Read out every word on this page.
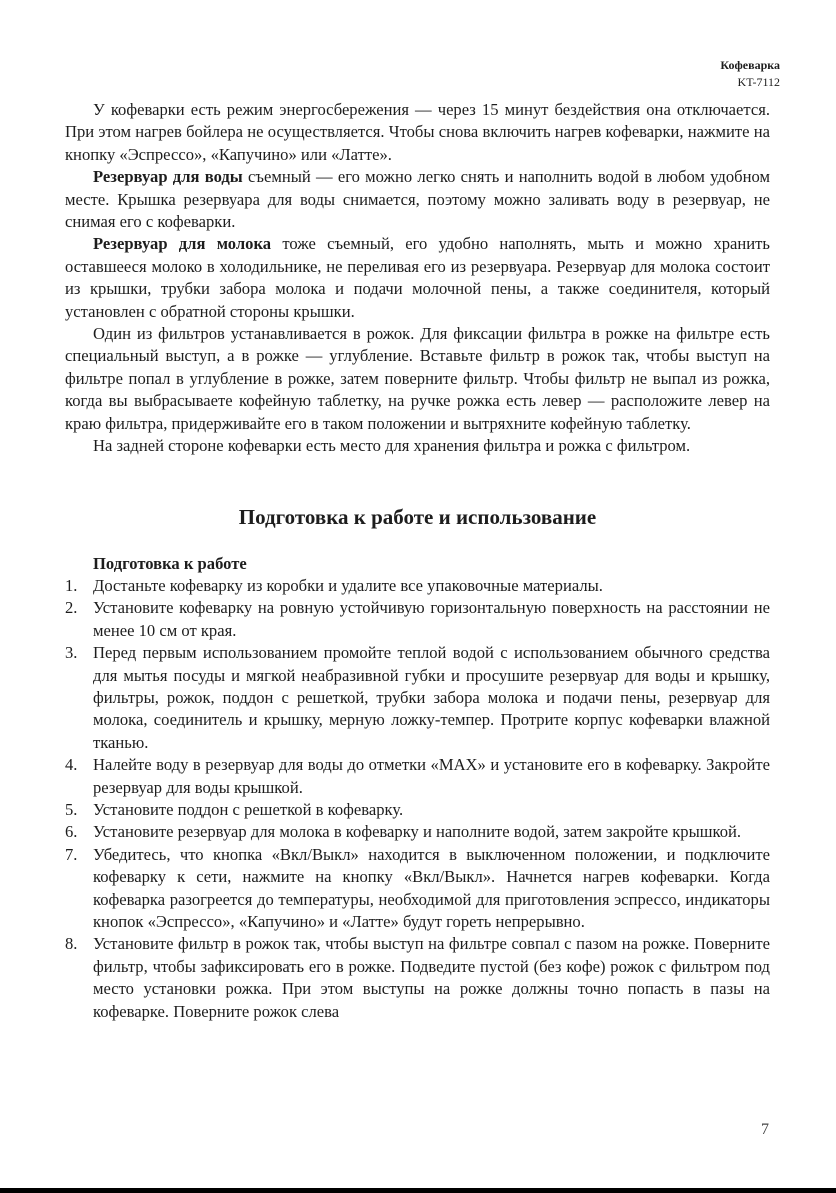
Кофеварка
KT-7112

У кофеварки есть режим энергосбережения — через 15 минут бездействия она отключается. При этом нагрев бойлера не осуществляется. Чтобы снова включить нагрев кофеварки, нажмите на кнопку «Эспрессо», «Капучино» или «Латте».

Резервуар для воды съемный — его можно легко снять и наполнить водой в любом удобном месте. Крышка резервуара для воды снимается, поэтому можно заливать воду в резервуар, не снимая его с кофеварки.

Резервуар для молока тоже съемный, его удобно наполнять, мыть и можно хранить оставшееся молоко в холодильнике, не переливая его из резервуара. Резервуар для молока состоит из крышки, трубки забора молока и подачи молочной пены, а также соединителя, который установлен с обратной стороны крышки.

Один из фильтров устанавливается в рожок. Для фиксации фильтра в рожке на фильтре есть специальный выступ, а в рожке — углубление. Вставьте фильтр в рожок так, чтобы выступ на фильтре попал в углубление в рожке, затем поверните фильтр. Чтобы фильтр не выпал из рожка, когда вы выбрасываете кофейную таблетку, на ручке рожка есть левер — расположите левер на краю фильтра, придерживайте его в таком положении и вытряхните кофейную таблетку.

На задней стороне кофеварки есть место для хранения фильтра и рожка с фильтром.

Подготовка к работе и использование
Подготовка к работе
1. Достаньте кофеварку из коробки и удалите все упаковочные материалы.
2. Установите кофеварку на ровную устойчивую горизонтальную поверхность на расстоянии не менее 10 см от края.
3. Перед первым использованием промойте теплой водой с использованием обычного средства для мытья посуды и мягкой неабразивной губки и просушите резервуар для воды и крышку, фильтры, рожок, поддон с решеткой, трубки забора молока и подачи пены, резервуар для молока, соединитель и крышку, мерную ложку-темпер. Протрите корпус кофеварки влажной тканью.
4. Налейте воду в резервуар для воды до отметки «MAX» и установите его в кофеварку. Закройте резервуар для воды крышкой.
5. Установите поддон с решеткой в кофеварку.
6. Установите резервуар для молока в кофеварку и наполните водой, затем закройте крышкой.
7. Убедитесь, что кнопка «Вкл/Выкл» находится в выключенном положении, и подключите кофеварку к сети, нажмите на кнопку «Вкл/Выкл». Начнется нагрев кофеварки. Когда кофеварка разогреется до температуры, необходимой для приготовления эспрессо, индикаторы кнопок «Эспрессо», «Капучино» и «Латте» будут гореть непрерывно.
8. Установите фильтр в рожок так, чтобы выступ на фильтре совпал с пазом на рожке. Поверните фильтр, чтобы зафиксировать его в рожке. Подведите пустой (без кофе) рожок с фильтром под место установки рожка. При этом выступы на рожке должны точно попасть в пазы на кофеварке. Поверните рожок слева
7
